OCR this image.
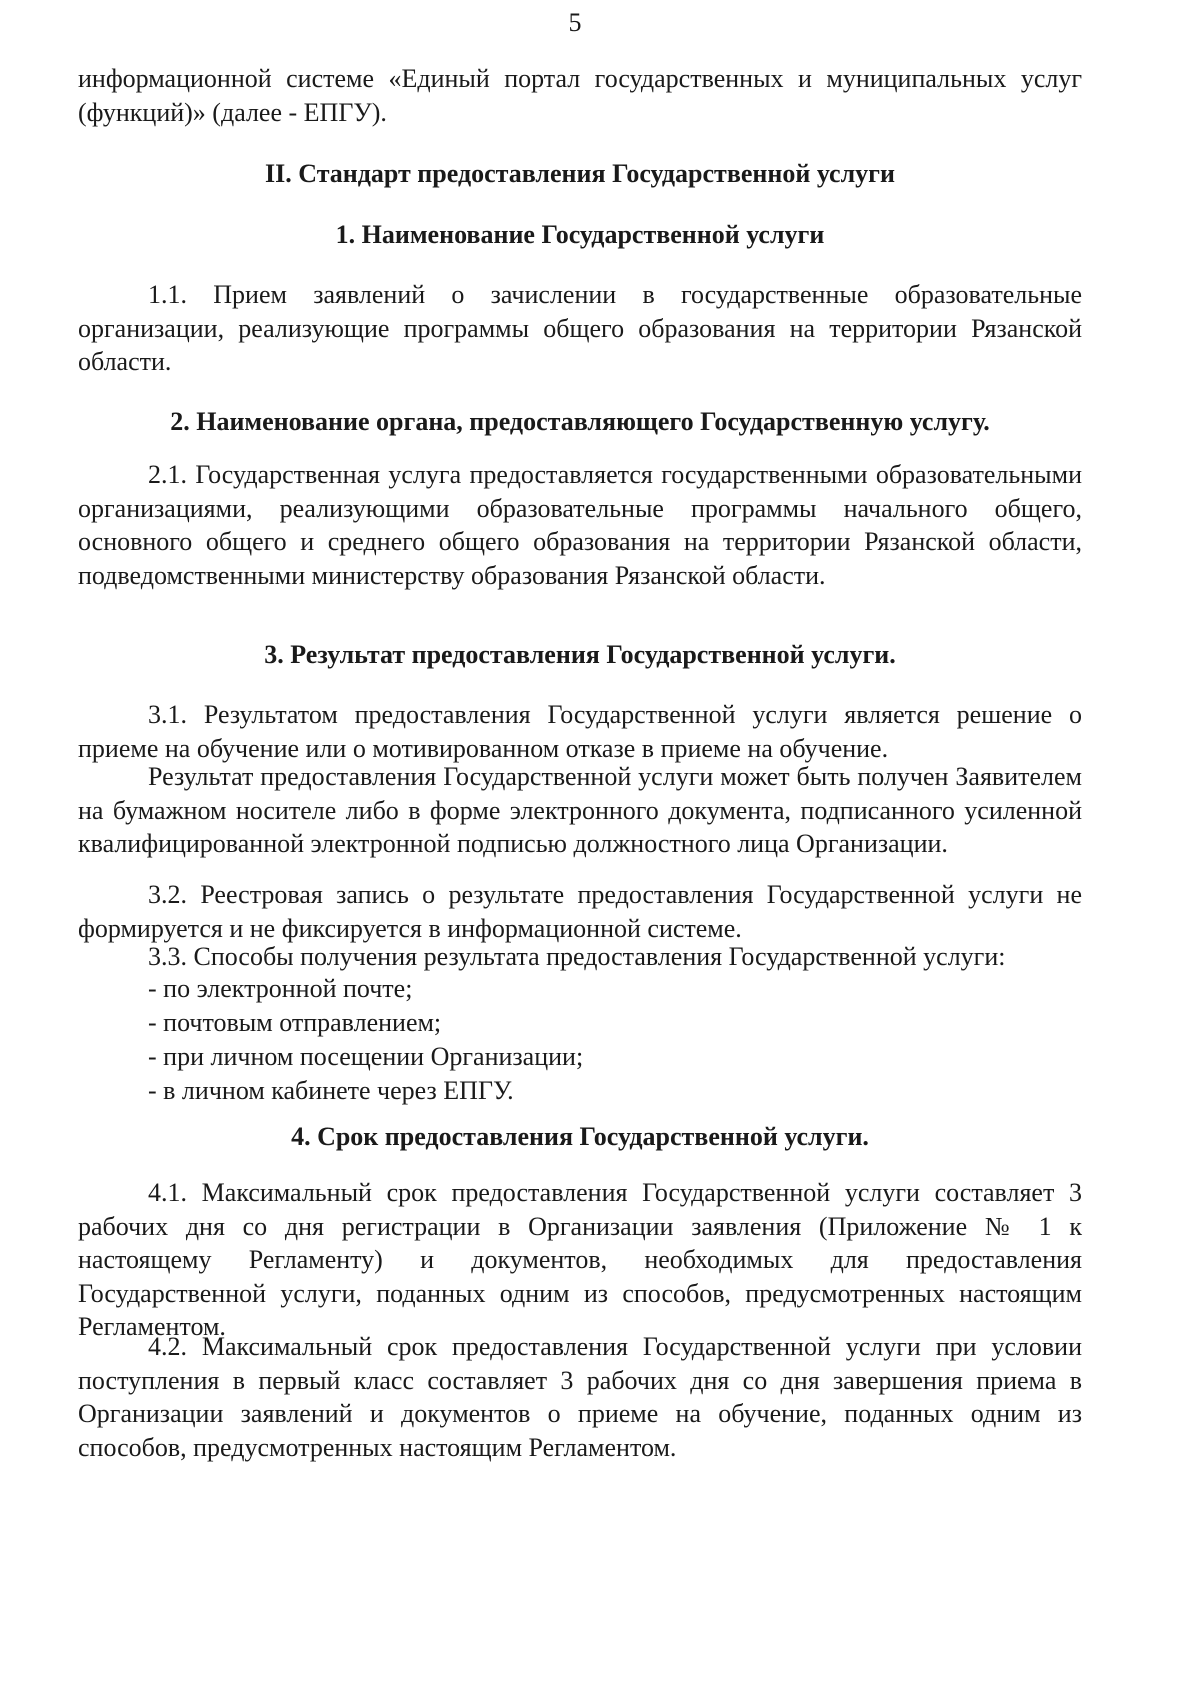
5

информационной системе «Единый портал государственных и муниципальных услуг (функций)» (далее - ЕПГУ).

II. Стандарт предоставления Государственной услуги
1. Наименование Государственной услуги

1.1. Прием заявлений о зачислении в государственные образовательные организации, реализующие программы общего образования на территории Рязанской области.

2. Наименование органа, предоставляющего Государственную услугу.

2.1. Государственная услуга предоставляется государственными образовательными организациями, реализующими образовательные программы начального общего, основного общего и среднего общего образования на территории Рязанской области, подведомственными министерству образования Рязанской области.

3. Результат предоставления Государственной услуги.

3.1. Результатом предоставления Государственной услуги является решение о приеме на обучение или о мотивированном отказе в приеме на обучение.

Результат предоставления Государственной услуги может быть получен Заявителем на бумажном носителе либо в форме электронного документа, подписанного усиленной квалифицированной электронной подписью должностного лица Организации.

3.2. Реестровая запись о результате предоставления Государственной услуги не формируется и не фиксируется в информационной системе.

3.3. Способы получения результата предоставления Государственной услуги:

- по электронной почте;
- почтовым отправлением;
- при личном посещении Организации;
- в личном кабинете через ЕПГУ.
4. Срок предоставления Государственной услуги.

4.1. Максимальный срок предоставления Государственной услуги составляет 3 рабочих дня со дня регистрации в Организации заявления (Приложение № 1 к настоящему Регламенту) и документов, необходимых для предоставления Государственной услуги, поданных одним из способов, предусмотренных настоящим Регламентом.

4.2. Максимальный срок предоставления Государственной услуги при условии поступления в первый класс составляет 3 рабочих дня со дня завершения приема в Организации заявлений и документов о приеме на обучение, поданных одним из способов, предусмотренных настоящим Регламентом.
